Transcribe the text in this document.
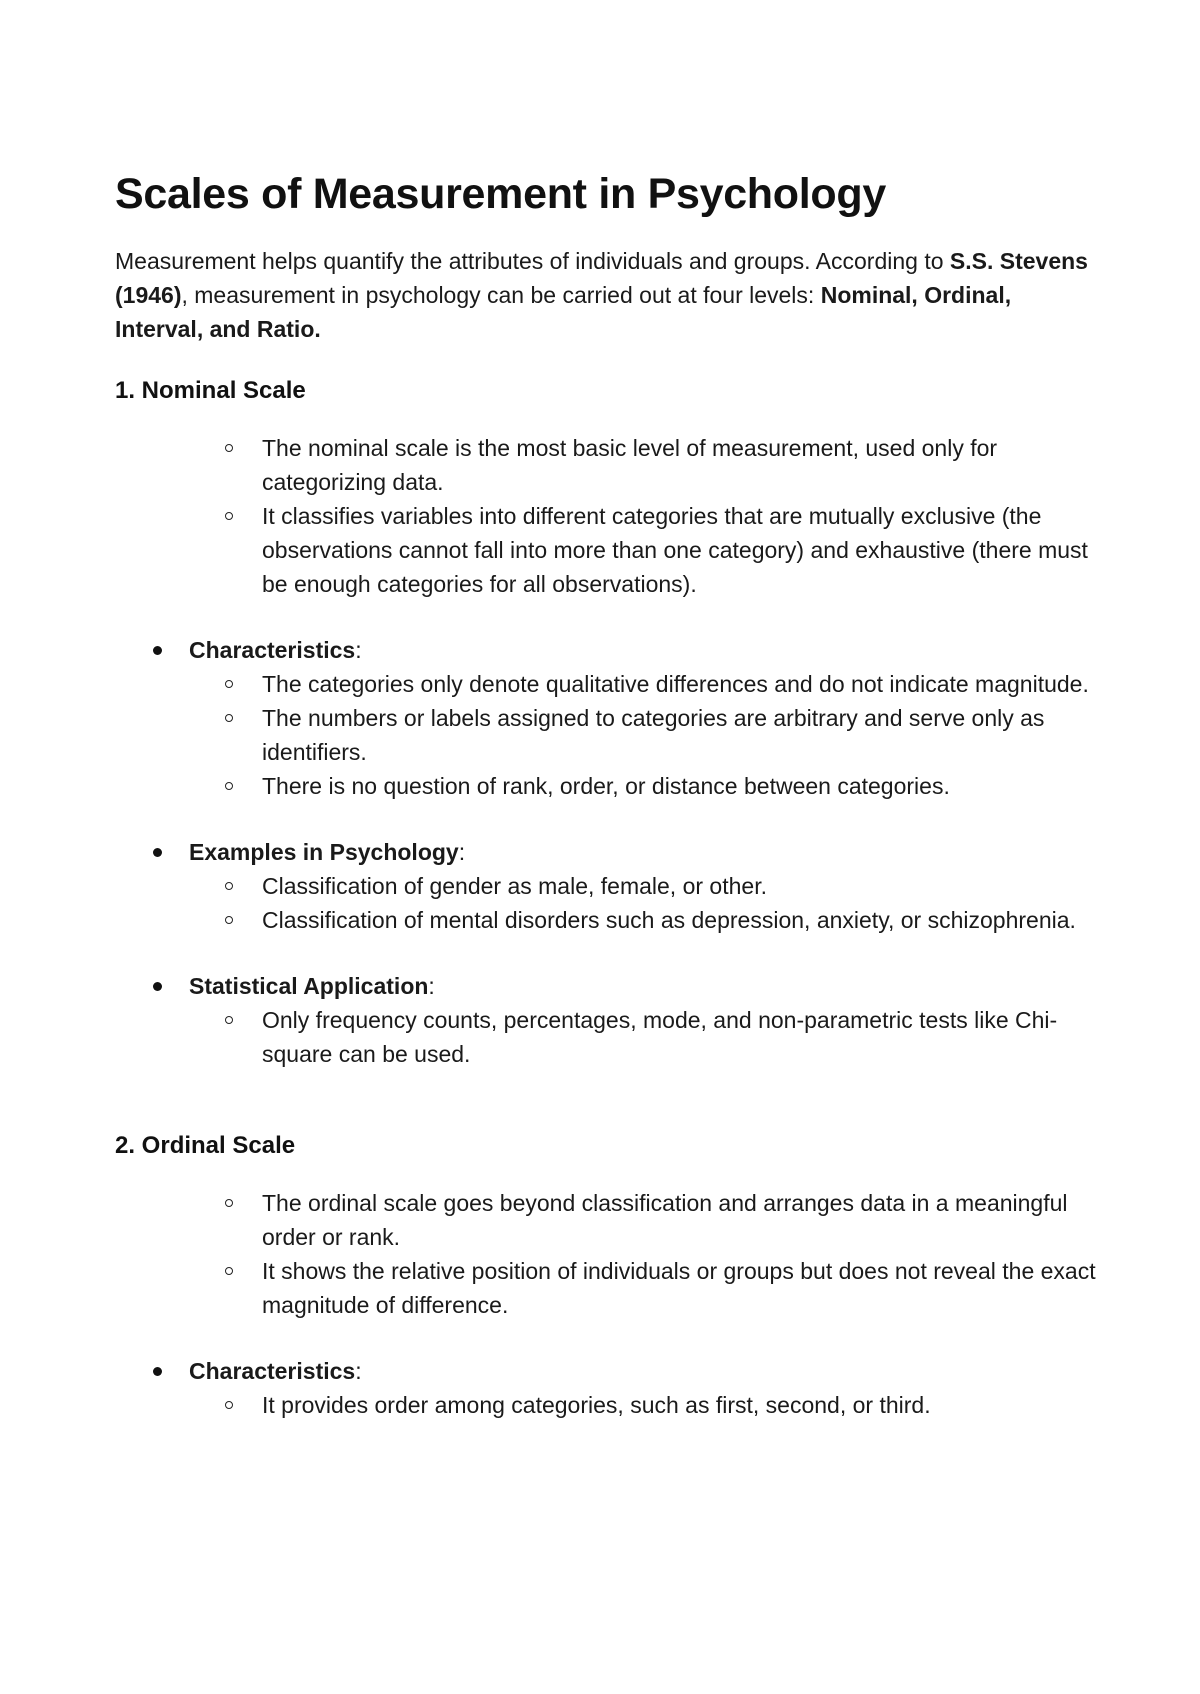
Scales of Measurement in Psychology

Measurement helps quantify the attributes of individuals and groups. According to S.S. Stevens (1946), measurement in psychology can be carried out at four levels: Nominal, Ordinal, Interval, and Ratio.

1. Nominal Scale
The nominal scale is the most basic level of measurement, used only for categorizing data.
It classifies variables into different categories that are mutually exclusive (the observations cannot fall into more than one category) and exhaustive (there must be enough categories for all observations).
Characteristics:
The categories only denote qualitative differences and do not indicate magnitude.
The numbers or labels assigned to categories are arbitrary and serve only as identifiers.
There is no question of rank, order, or distance between categories.
Examples in Psychology:
Classification of gender as male, female, or other.
Classification of mental disorders such as depression, anxiety, or schizophrenia.
Statistical Application:
Only frequency counts, percentages, mode, and non-parametric tests like Chi-square can be used.
2. Ordinal Scale
The ordinal scale goes beyond classification and arranges data in a meaningful order or rank.
It shows the relative position of individuals or groups but does not reveal the exact magnitude of difference.
Characteristics:
It provides order among categories, such as first, second, or third.
